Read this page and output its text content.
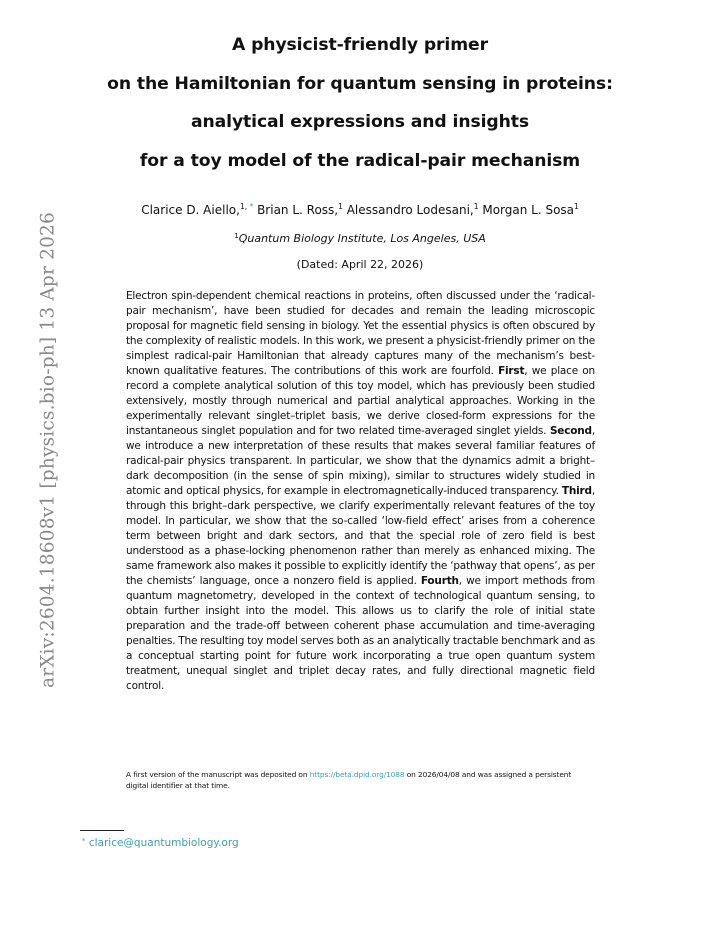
arXiv:2604.18608v1 [physics.bio-ph] 13 Apr 2026
A physicist-friendly primer
on the Hamiltonian for quantum sensing in proteins:
analytical expressions and insights
for a toy model of the radical-pair mechanism
Clarice D. Aiello,$^{1,}$ * Brian L. Ross,$^1$ Alessandro Lodesani,$^1$ Morgan L. Sosa$^1$
$^1$Quantum Biology Institute, Los Angeles, USA
(Dated: April 22, 2026)
Electron spin-dependent chemical reactions in proteins, often discussed under the ‘radical-pair mechanism’, have been studied for decades and remain the leading microscopic proposal for magnetic field sensing in biology. Yet the essential physics is often obscured by the complexity of realistic models. In this work, we present a physicist-friendly primer on the simplest radical-pair Hamiltonian that already captures many of the mechanism’s best-known qualitative features. The contributions of this work are fourfold. First, we place on record a complete analytical solution of this toy model, which has previously been studied extensively, mostly through numerical and partial analytical approaches. Working in the experimentally relevant singlet–triplet basis, we derive closed-form expressions for the instantaneous singlet population and for two related time-averaged singlet yields. Second, we introduce a new interpretation of these results that makes several familiar features of radical-pair physics transparent. In particular, we show that the dynamics admit a bright–dark decomposition (in the sense of spin mixing), similar to structures widely studied in atomic and optical physics, for example in electromagnetically-induced transparency. Third, through this bright–dark perspective, we clarify experimentally relevant features of the toy model. In particular, we show that the so-called ‘low-field effect’ arises from a coherence term between bright and dark sectors, and that the special role of zero field is best understood as a phase-locking phenomenon rather than merely as enhanced mixing. The same framework also makes it possible to explicitly identify the ‘pathway that opens’, as per the chemists’ language, once a nonzero field is applied. Fourth, we import methods from quantum magnetometry, developed in the context of technological quantum sensing, to obtain further insight into the model. This allows us to clarify the role of initial state preparation and the trade-off between coherent phase accumulation and time-averaging penalties. The resulting toy model serves both as an analytically tractable benchmark and as a conceptual starting point for future work incorporating a true open quantum system treatment, unequal singlet and triplet decay rates, and fully directional magnetic field control.
A first version of the manuscript was deposited on https://beta.dpid.org/1088 on 2026/04/08 and was assigned a persistent digital identifier at that time.
* clarice@quantumbiology.org
